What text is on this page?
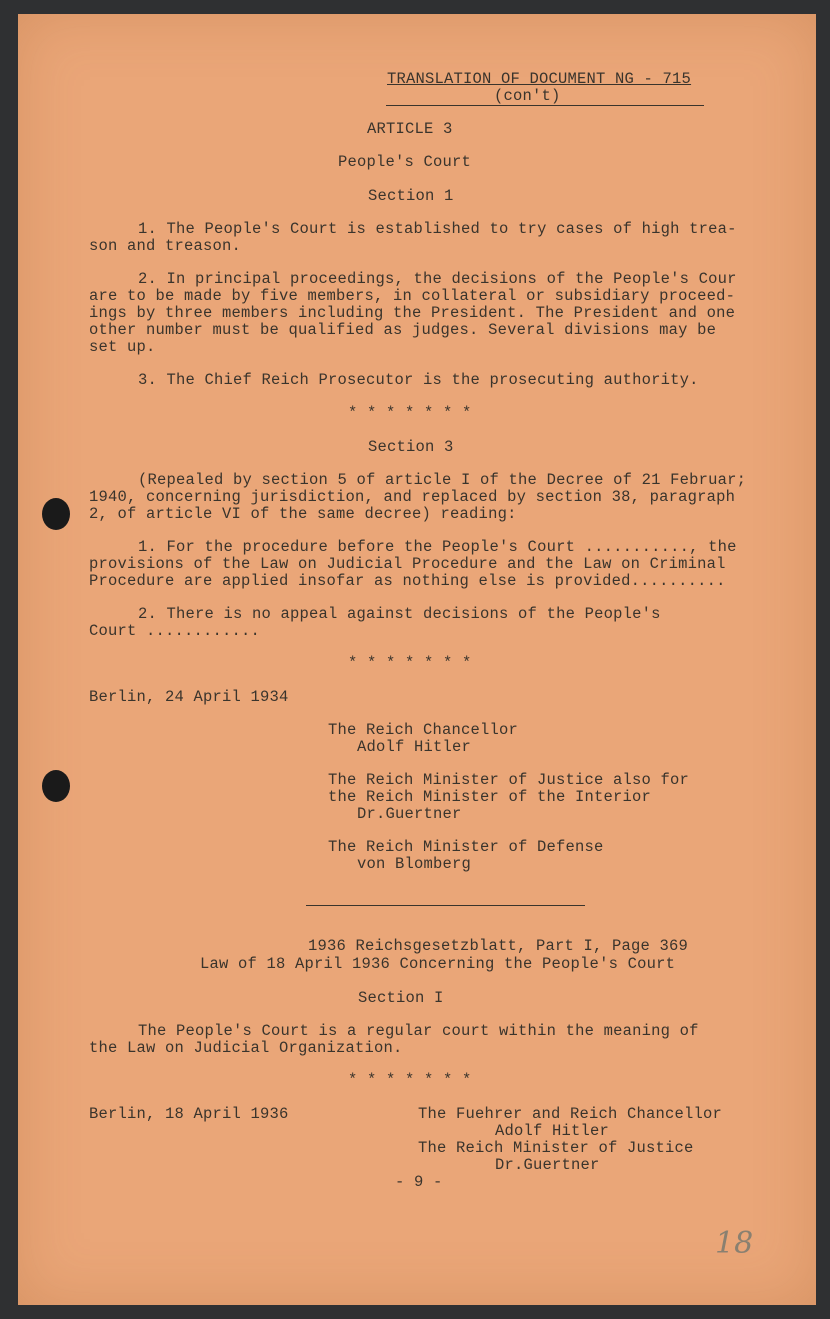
TRANSLATION OF DOCUMENT NG - 715
(con't)
ARTICLE 3
People's Court
Section 1
1. The People's Court is established to try cases of high trea-
son and treason.
2. In principal proceedings, the decisions of the People's Cour
are to be made by five members, in collateral or subsidiary proceed-
ings by three members including the President. The President and one
other number must be qualified as judges. Several divisions may be
set up.
3. The Chief Reich Prosecutor is the prosecuting authority.
* * * * * * *
Section 3
(Repealed by section 5 of article I of the Decree of 21 Februar;
1940, concerning jurisdiction, and replaced by section 38, paragraph
2, of article VI of the same decree) reading:
1. For the procedure before the People's Court ..........., the
provisions of the Law on Judicial Procedure and the Law on Criminal
Procedure are applied insofar as nothing else is provided..........
2. There is no appeal against decisions of the People's
Court ............
* * * * * * *
Berlin, 24 April 1934
The Reich Chancellor
Adolf Hitler
The Reich Minister of Justice also for
the Reich Minister of the Interior
Dr.Guertner
The Reich Minister of Defense
von Blomberg
1936 Reichsgesetzblatt, Part I, Page 369
Law of 18 April 1936 Concerning the People's Court
Section I
The People's Court is a regular court within the meaning of
the Law on Judicial Organization.
* * * * * * *
Berlin, 18 April 1936	The Fuehrer and Reich Chancellor
Adolf Hitler
The Reich Minister of Justice
Dr.Guertner
- 9 -
18
